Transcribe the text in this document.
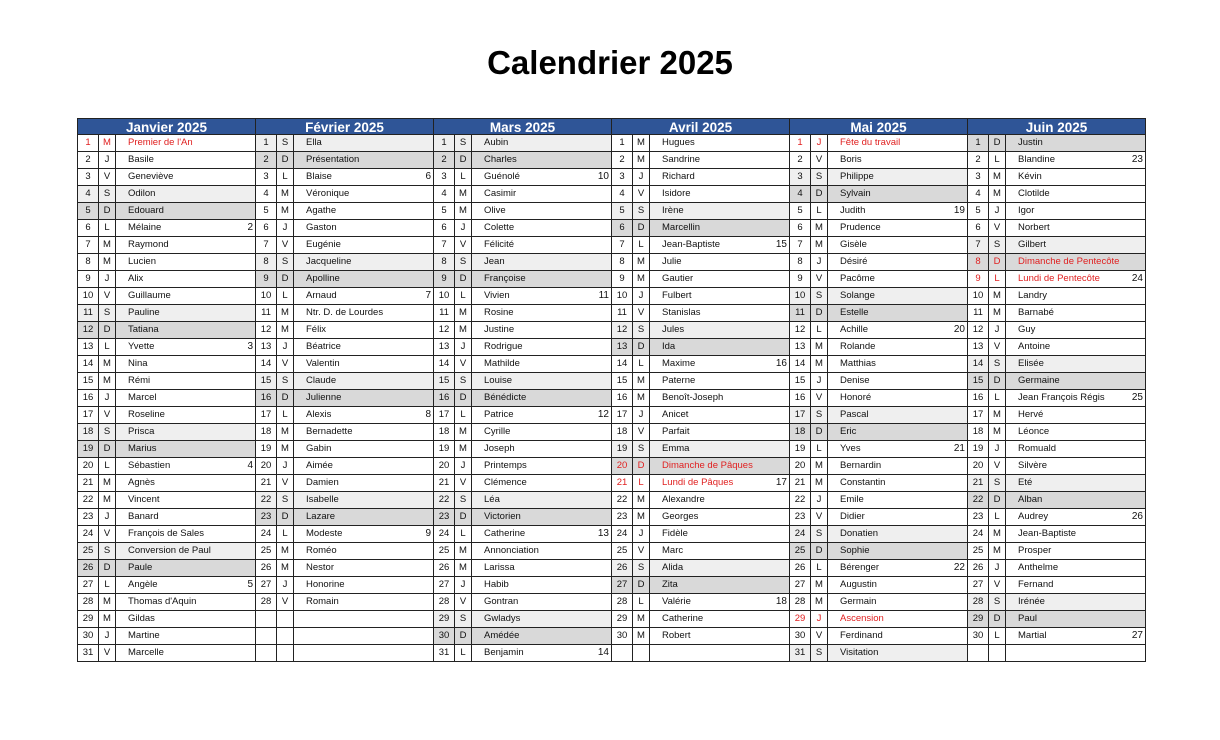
Calendrier 2025
Janvier 2025
1	M	Premier de l'An
2	J	Basile
3	V	Geneviève
4	S	Odilon
5	D	Edouard
6	L	Mélaine	2
7	M	Raymond
8	M	Lucien
9	J	Alix
10	V	Guillaume
11	S	Pauline
12	D	Tatiana
13	L	Yvette	3
14	M	Nina
15	M	Rémi
16	J	Marcel
17	V	Roseline
18	S	Prisca
19	D	Marius
20	L	Sébastien	4
21	M	Agnès
22	M	Vincent
23	J	Banard
24	V	François de Sales
25	S	Conversion de Paul
26	D	Paule
27	L	Angèle	5
28	M	Thomas d'Aquin
29	M	Gildas
30	J	Martine
31	V	Marcelle
Février 2025
1	S	Ella
2	D	Présentation
3	L	Blaise	6
4	M	Véronique
5	M	Agathe
6	J	Gaston
7	V	Eugénie
8	S	Jacqueline
9	D	Apolline
10	L	Arnaud	7
11	M	Ntr. D. de Lourdes
12	M	Félix
13	J	Béatrice
14	V	Valentin
15	S	Claude
16	D	Julienne
17	L	Alexis	8
18	M	Bernadette
19	M	Gabin
20	J	Aimée
21	V	Damien
22	S	Isabelle
23	D	Lazare
24	L	Modeste	9
25	M	Roméo
26	M	Nestor
27	J	Honorine
28	V	Romain
Mars 2025
1	S	Aubin
2	D	Charles
3	L	Guénolé	10
4	M	Casimir
5	M	Olive
6	J	Colette
7	V	Félicité
8	S	Jean
9	D	Françoise
10	L	Vivien	11
11	M	Rosine
12	M	Justine
13	J	Rodrigue
14	V	Mathilde
15	S	Louise
16	D	Bénédicte
17	L	Patrice	12
18	M	Cyrille
19	M	Joseph
20	J	Printemps
21	V	Clémence
22	S	Léa
23	D	Victorien
24	L	Catherine	13
25	M	Annonciation
26	M	Larissa
27	J	Habib
28	V	Gontran
29	S	Gwladys
30	D	Amédée
31	L	Benjamin	14
Avril 2025
1	M	Hugues
2	M	Sandrine
3	J	Richard
4	V	Isidore
5	S	Irène
6	D	Marcellin
7	L	Jean-Baptiste	15
8	M	Julie
9	M	Gautier
10	J	Fulbert
11	V	Stanislas
12	S	Jules
13	D	Ida
14	L	Maxime	16
15	M	Paterne
16	M	Benoît-Joseph
17	J	Anicet
18	V	Parfait
19	S	Emma
20	D	Dimanche de Pâques
21	L	Lundi de Pâques	17
22	M	Alexandre
23	M	Georges
24	J	Fidèle
25	V	Marc
26	S	Alida
27	D	Zita
28	L	Valérie	18
29	M	Catherine
30	M	Robert
Mai 2025
1	J	Fête du travail
2	V	Boris
3	S	Philippe
4	D	Sylvain
5	L	Judith	19
6	M	Prudence
7	M	Gisèle
8	J	Désiré
9	V	Pacôme
10	S	Solange
11	D	Estelle
12	L	Achille	20
13	M	Rolande
14	M	Matthias
15	J	Denise
16	V	Honoré
17	S	Pascal
18	D	Eric
19	L	Yves	21
20	M	Bernardin
21	M	Constantin
22	J	Emile
23	V	Didier
24	S	Donatien
25	D	Sophie
26	L	Bérenger	22
27	M	Augustin
28	M	Germain
29	J	Ascension
30	V	Ferdinand
31	S	Visitation
Juin 2025
1	D	Justin
2	L	Blandine	23
3	M	Kévin
4	M	Clotilde
5	J	Igor
6	V	Norbert
7	S	Gilbert
8	D	Dimanche de Pentecôte
9	L	Lundi de Pentecôte	24
10	M	Landry
11	M	Barnabé
12	J	Guy
13	V	Antoine
14	S	Elisée
15	D	Germaine
16	L	Jean François Régis	25
17	M	Hervé
18	M	Léonce
19	J	Romuald
20	V	Silvère
21	S	Eté
22	D	Alban
23	L	Audrey	26
24	M	Jean-Baptiste
25	M	Prosper
26	J	Anthelme
27	V	Fernand
28	S	Irénée
29	D	Paul
30	L	Martial	27
